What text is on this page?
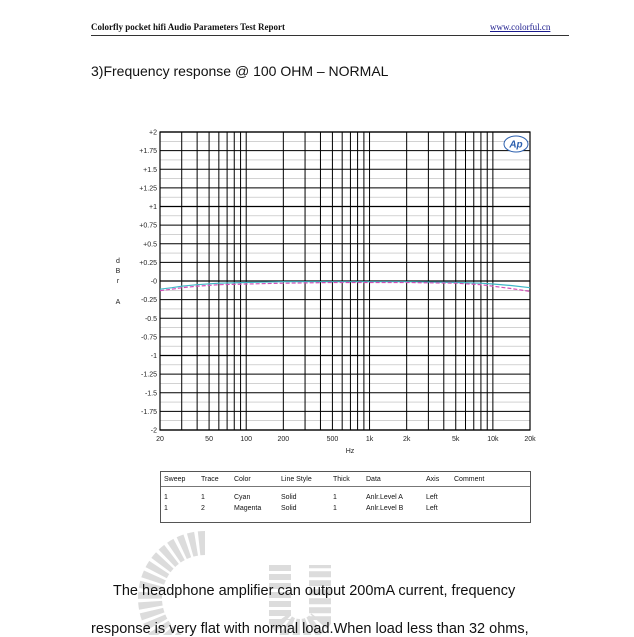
Colorfly pocket hifi Audio Parameters Test Report	www.colorful.cn
3)Frequency response @ 100 OHM – NORMAL
+2
+1.75
+1.5
+1.25
+1
+0.75
+0.5
+0.25
-0
-0.25
-0.5
-0.75
-1
-1.25
-1.5
-1.75
-2
20	50	100	200	500	1k	2k	5k	10k	20k
Hz
d
B
r
A
Ap
Sweep Trace Color	Line Style	Thick Data	Axis Comment
1	1	Cyan	Solid	1	Anlr.Level A	Left
1	2	Magenta	Solid	1	Anlr.Level B	Left
The headphone amplifier can output 200mA current, frequency
response is very flat with normal load.When load less than 32 ohms,
